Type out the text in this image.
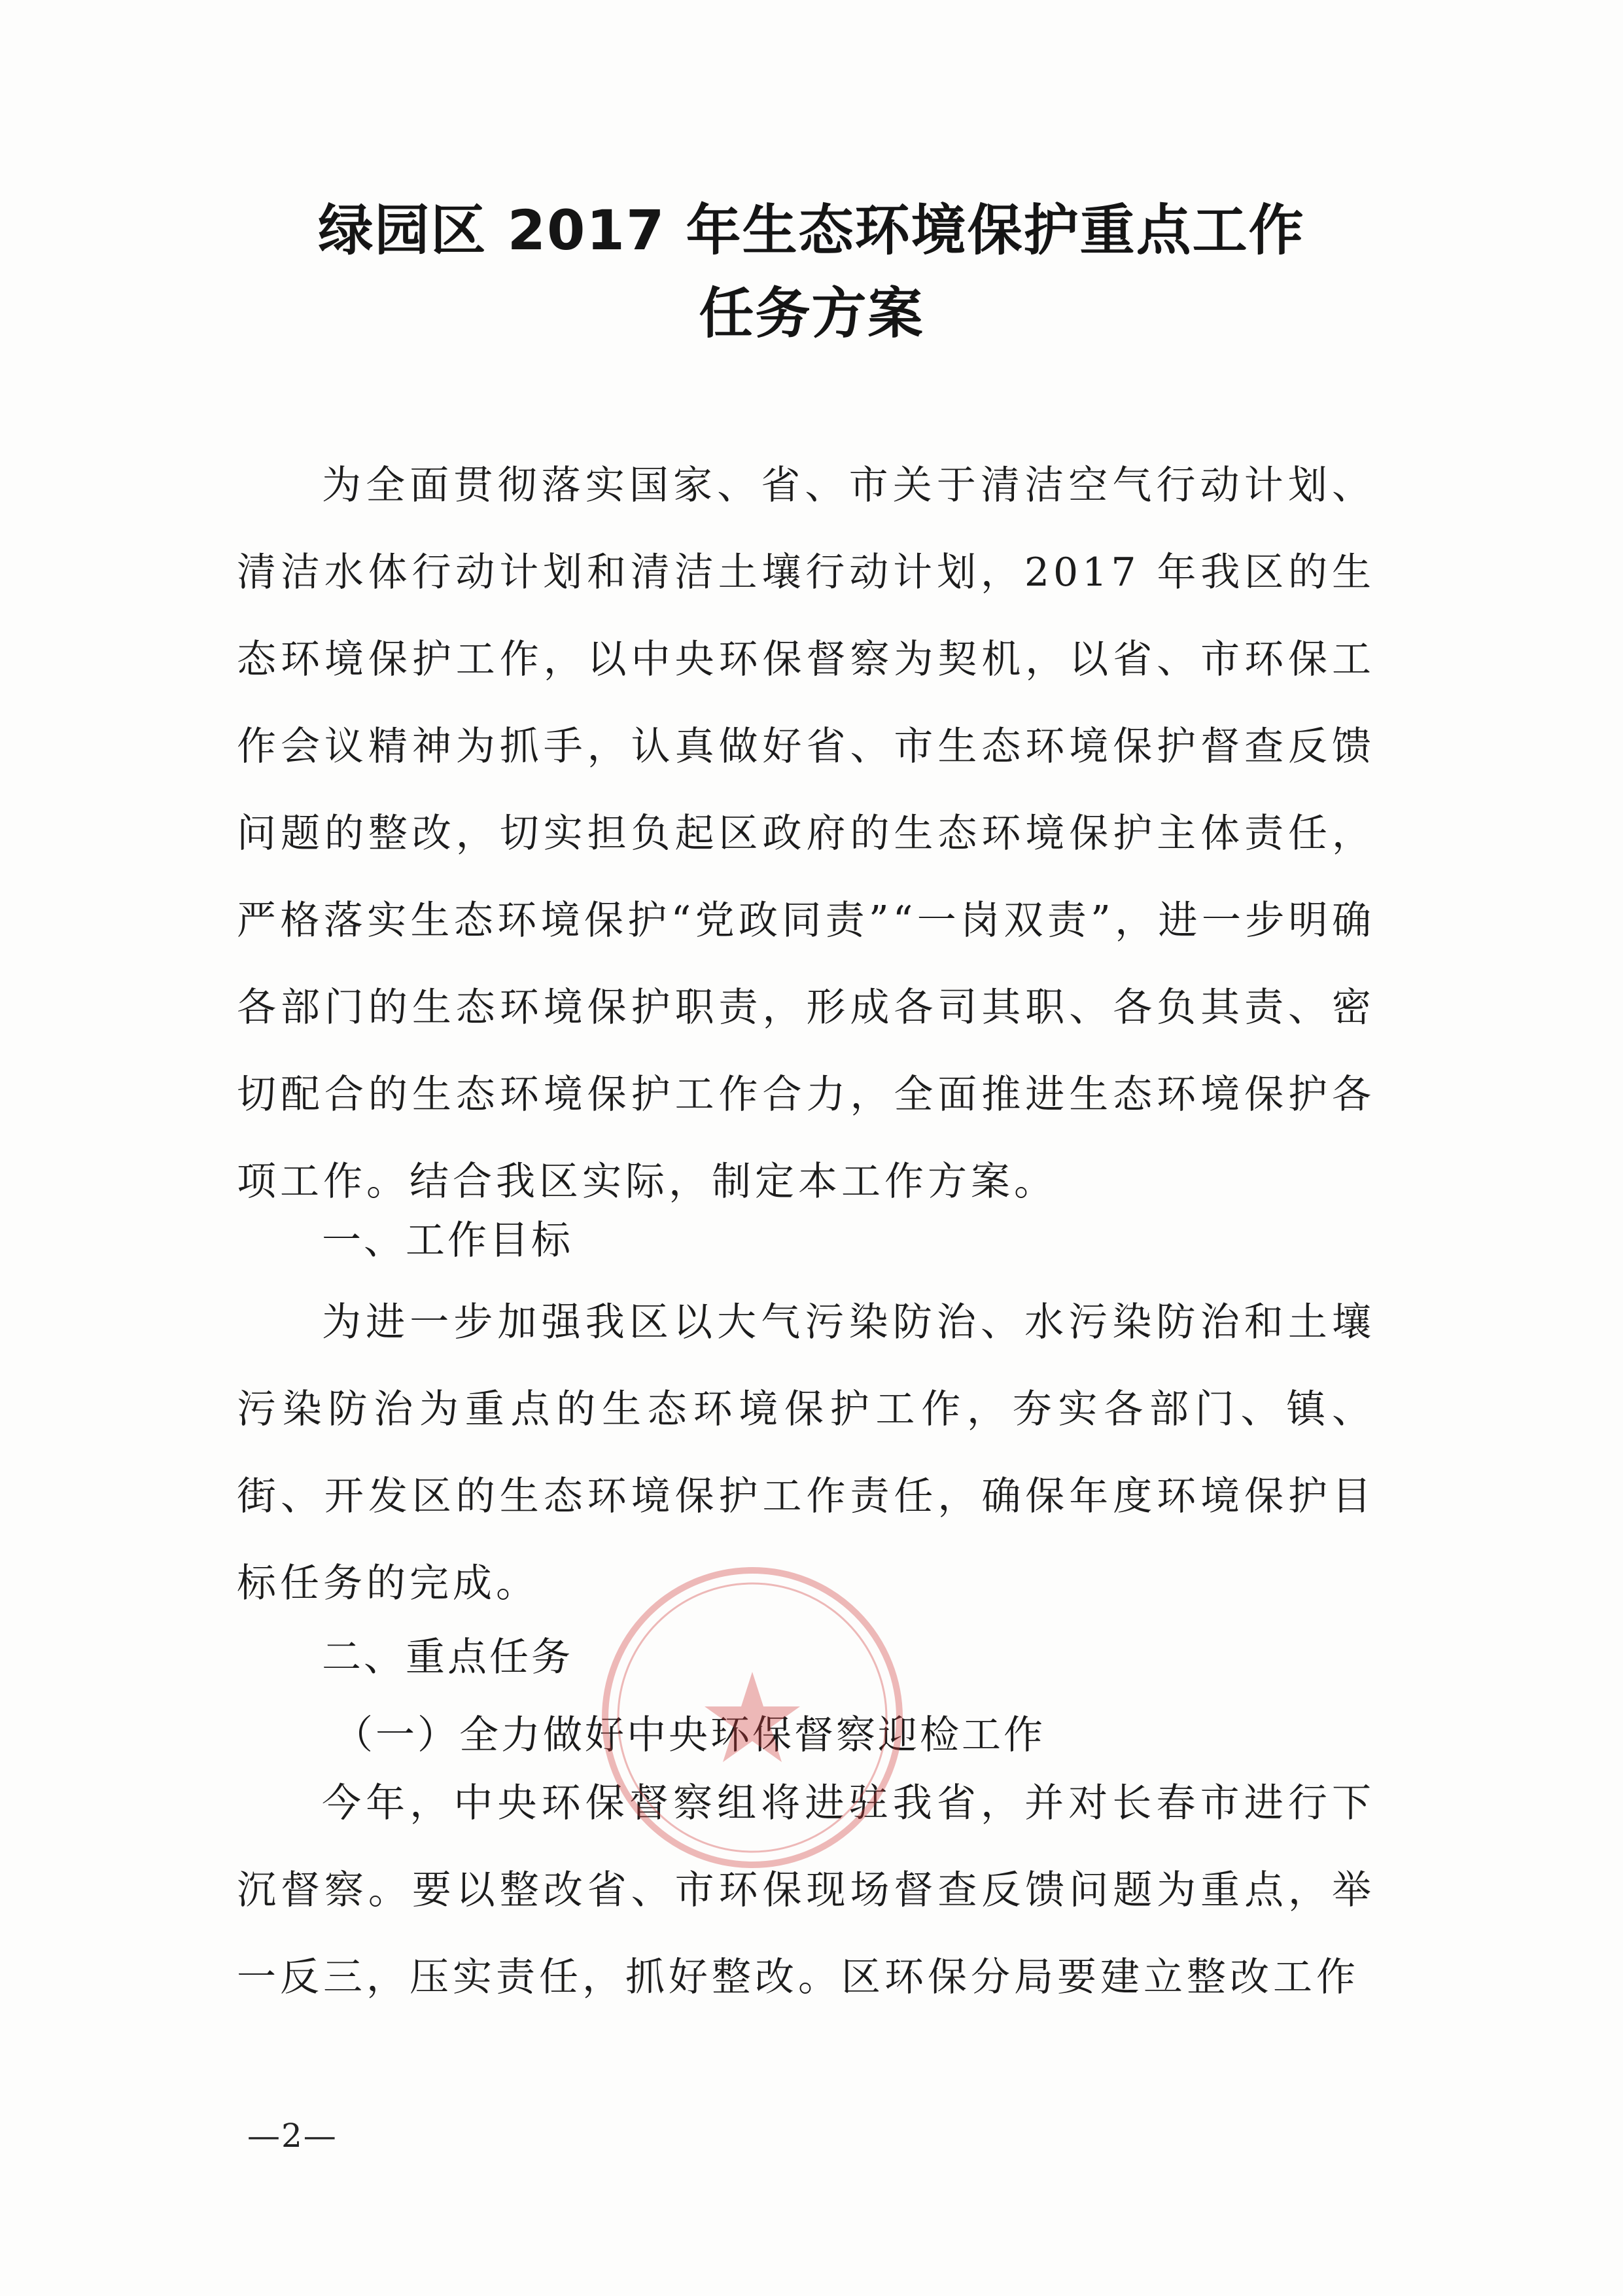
绿园区 2017 年生态环境保护重点工作
任务方案

为全面贯彻落实国家、省、市关于清洁空气行动计划、清洁水体行动计划和清洁土壤行动计划，2017 年我区的生态环境保护工作，以中央环保督察为契机，以省、市环保工作会议精神为抓手，认真做好省、市生态环境保护督查反馈问题的整改，切实担负起区政府的生态环境保护主体责任，严格落实生态环境保护“党政同责”“一岗双责”，进一步明确各部门的生态环境保护职责，形成各司其职、各负其责、密切配合的生态环境保护工作合力，全面推进生态环境保护各项工作。结合我区实际，制定本工作方案。

一、工作目标

为进一步加强我区以大气污染防治、水污染防治和土壤污染防治为重点的生态环境保护工作，夯实各部门、镇、街、开发区的生态环境保护工作责任，确保年度环境保护目标任务的完成。

二、重点任务
（一）全力做好中央环保督察迎检工作

今年，中央环保督察组将进驻我省，并对长春市进行下沉督察。要以整改省、市环保现场督查反馈问题为重点，举一反三，压实责任，抓好整改。区环保分局要建立整改工作

—2—
